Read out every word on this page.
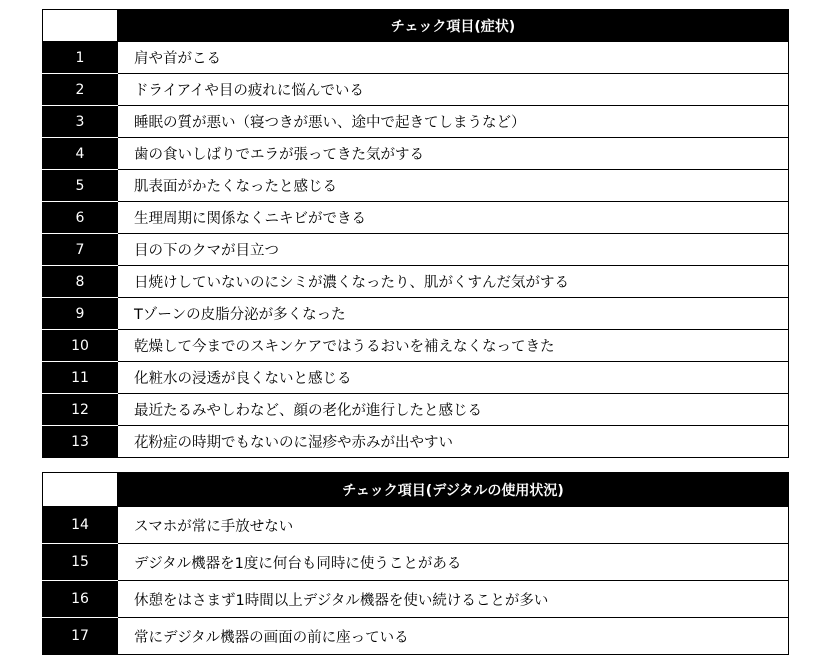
	チェック項目(症状)
1	肩や首がこる
2	ドライアイや目の疲れに悩んでいる
3	睡眠の質が悪い（寝つきが悪い、途中で起きてしまうなど）
4	歯の食いしばりでエラが張ってきた気がする
5	肌表面がかたくなったと感じる
6	生理周期に関係なくニキビができる
7	目の下のクマが目立つ
8	日焼けしていないのにシミが濃くなったり、肌がくすんだ気がする
9	Tゾーンの皮脂分泌が多くなった
10	乾燥して今までのスキンケアではうるおいを補えなくなってきた
11	化粧水の浸透が良くないと感じる
12	最近たるみやしわなど、顔の老化が進行したと感じる
13	花粉症の時期でもないのに湿疹や赤みが出やすい
	チェック項目(デジタルの使用状況)
14	スマホが常に手放せない
15	デジタル機器を1度に何台も同時に使うことがある
16	休憩をはさまず1時間以上デジタル機器を使い続けることが多い
17	常にデジタル機器の画面の前に座っている
